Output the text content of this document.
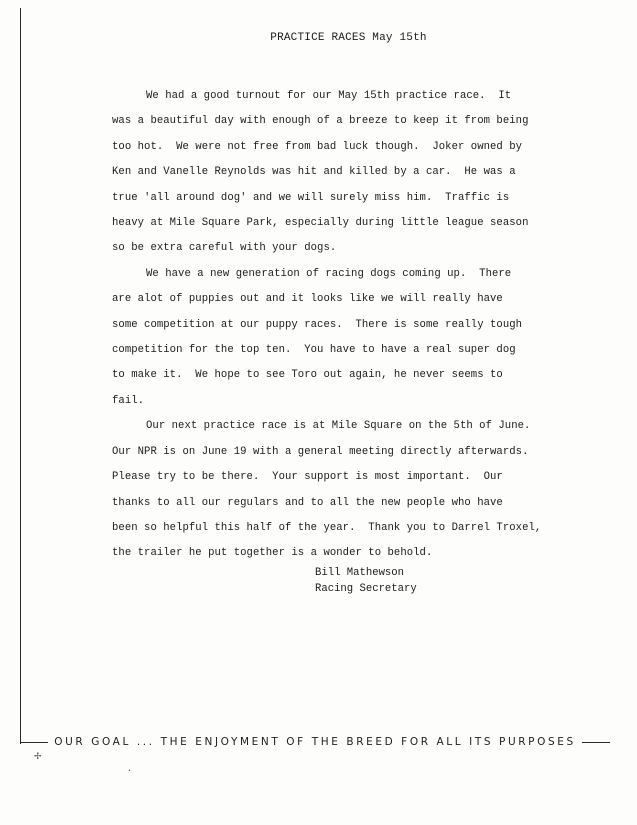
PRACTICE RACES May 15th
We had a good turnout for our May 15th practice race.  It
was a beautiful day with enough of a breeze to keep it from being
too hot.  We were not free from bad luck though.  Joker owned by
Ken and Vanelle Reynolds was hit and killed by a car.  He was a
true 'all around dog' and we will surely miss him.  Traffic is
heavy at Mile Square Park, especially during little league season
so be extra careful with your dogs.
We have a new generation of racing dogs coming up.  There
are alot of puppies out and it looks like we will really have
some competition at our puppy races.  There is some really tough
competition for the top ten.  You have to have a real super dog
to make it.  We hope to see Toro out again, he never seems to
fail.
Our next practice race is at Mile Square on the 5th of June.
Our NPR is on June 19 with a general meeting directly afterwards.
Please try to be there.  Your support is most important.  Our
thanks to all our regulars and to all the new people who have
been so helpful this half of the year.  Thank you to Darrel Troxel,
the trailer he put together is a wonder to behold.
Bill Mathewson
Racing Secretary
OUR GOAL ... THE ENJOYMENT OF THE BREED FOR ALL ITS PURPOSES
✢
•
